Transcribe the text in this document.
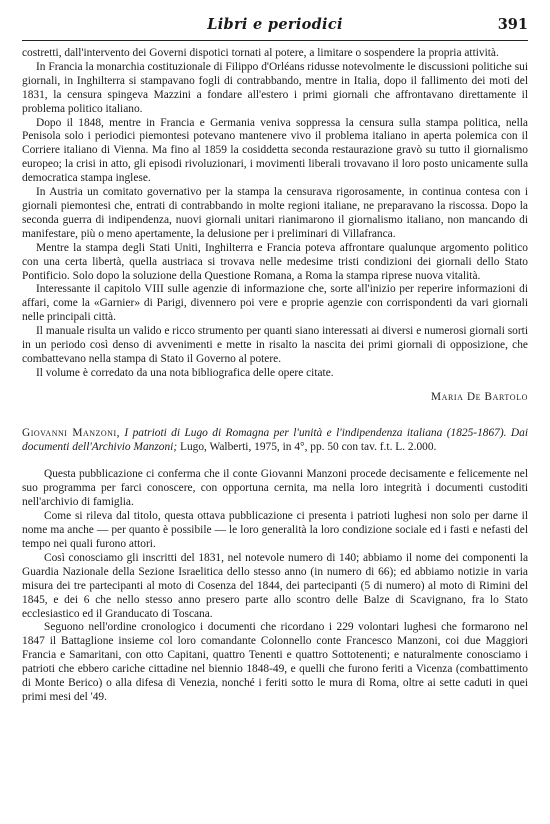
Libri e periodici	391

costretti, dall'intervento dei Governi dispotici tornati al potere, a limitare o sospendere la propria attività.

In Francia la monarchia costituzionale di Filippo d'Orléans ridusse notevolmente le discussioni politiche sui giornali, in Inghilterra si stampavano fogli di contrabbando, mentre in Italia, dopo il fallimento dei moti del 1831, la censura spingeva Mazzini a fondare all'estero i primi giornali che affrontavano direttamente il problema politico italiano.

Dopo il 1848, mentre in Francia e Germania veniva soppressa la censura sulla stampa politica, nella Penisola solo i periodici piemontesi potevano mantenere vivo il problema italiano in aperta polemica con il Corriere italiano di Vienna. Ma fino al 1859 la cosiddetta seconda restaurazione gravò su tutto il giornalismo europeo; la crisi in atto, gli episodi rivoluzionari, i movimenti liberali trovavano il loro posto unicamente sulla democratica stampa inglese.

In Austria un comitato governativo per la stampa la censurava rigorosamente, in continua contesa con i giornali piemontesi che, entrati di contrabbando in molte regioni italiane, ne preparavano la riscossa. Dopo la seconda guerra di indipendenza, nuovi giornali unitari rianimarono il giornalismo italiano, non mancando di manifestare, più o meno apertamente, la delusione per i preliminari di Villafranca.

Mentre la stampa degli Stati Uniti, Inghilterra e Francia poteva affrontare qualunque argomento politico con una certa libertà, quella austriaca si trovava nelle medesime tristi condizioni dei giornali dello Stato Pontificio. Solo dopo la soluzione della Questione Romana, a Roma la stampa riprese nuova vitalità.

Interessante il capitolo VIII sulle agenzie di informazione che, sorte all'inizio per reperire informazioni di affari, come la «Garnier» di Parigi, divennero poi vere e proprie agenzie con corrispondenti da vari giornali nelle principali città.

Il manuale risulta un valido e ricco strumento per quanti siano interessati ai diversi e numerosi giornali sorti in un periodo così denso di avvenimenti e mette in risalto la nascita dei primi giornali di opposizione, che combattevano nella stampa di Stato il Governo al potere.

Il volume è corredato da una nota bibliografica delle opere citate.

Maria De Bartolo
Giovanni Manzoni, I patrioti di Lugo di Romagna per l'unità e l'indipendenza italiana (1825-1867). Dai documenti dell'Archivio Manzoni; Lugo, Walberti, 1975, in 4°, pp. 50 con tav. f.t. L. 2.000.

Questa pubblicazione ci conferma che il conte Giovanni Manzoni procede decisamente e felicemente nel suo programma per farci conoscere, con opportuna cernita, ma nella loro integrità i documenti custoditi nell'archivio di famiglia.

Come si rileva dal titolo, questa ottava pubblicazione ci presenta i patrioti lughesi non solo per darne il nome ma anche — per quanto è possibile — le loro generalità la loro condizione sociale ed i fasti e nefasti del tempo nei quali furono attori.

Così conosciamo gli inscritti del 1831, nel notevole numero di 140; abbiamo il nome dei componenti la Guardia Nazionale della Sezione Israelitica dello stesso anno (in numero di 66); ed abbiamo notizie in varia misura dei tre partecipanti al moto di Cosenza del 1844, dei partecipanti (5 di numero) al moto di Rimini del 1845, e dei 6 che nello stesso anno presero parte allo scontro delle Balze di Scavignano, fra lo Stato ecclesiastico ed il Granducato di Toscana.

Seguono nell'ordine cronologico i documenti che ricordano i 229 volontari lughesi che formarono nel 1847 il Battaglione insieme col loro comandante Colonnello conte Francesco Manzoni, coi due Maggiori Francia e Samaritani, con otto Capitani, quattro Tenenti e quattro Sottotenenti; e naturalmente conosciamo i patrioti che ebbero cariche cittadine nel biennio 1848-49, e quelli che furono feriti a Vicenza (combattimento di Monte Berico) o alla difesa di Venezia, nonché i feriti sotto le mura di Roma, oltre ai sette caduti in quei primi mesi del '49.
